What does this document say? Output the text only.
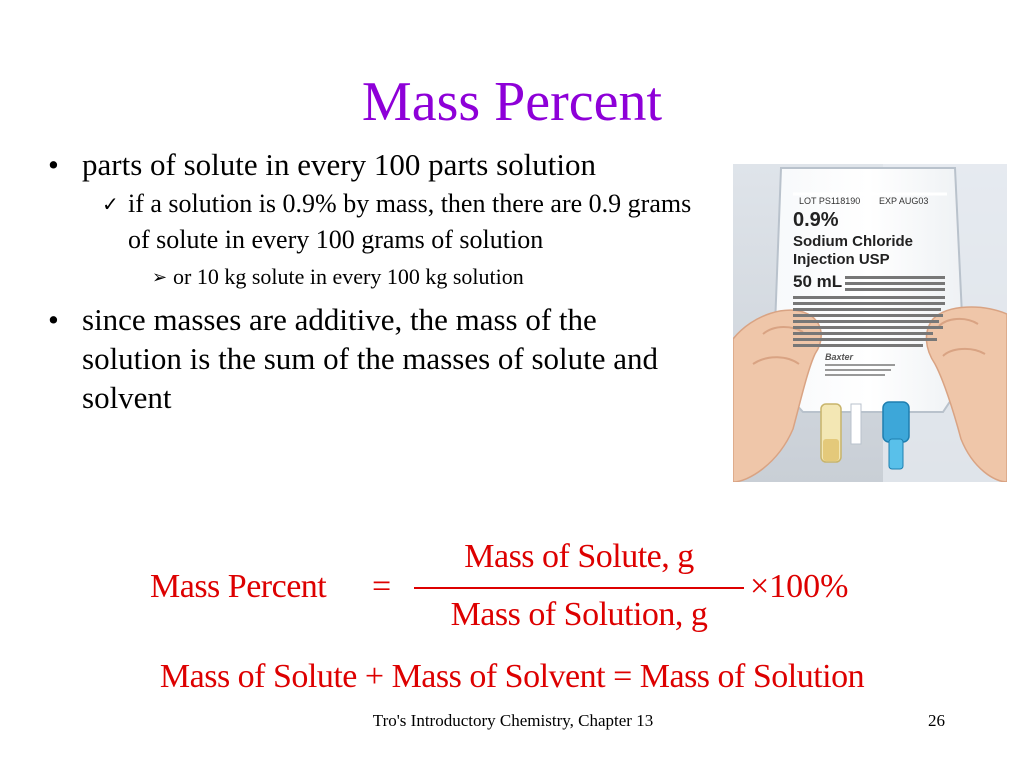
Mass Percent
• parts of solute in every 100 parts solution
✓ if a solution is 0.9% by mass, then there are 0.9 grams of solute in every 100 grams of solution
➢ or 10 kg solute in every 100 kg solution
• since masses are additive, the mass of the solution is the sum of the masses of solute and solvent
LOT PS118190 EXP AUG03
0.9%
Sodium Chloride
Injection USP
50 mL
Baxter
Mass Percent =
Mass of Solute, g
Mass of Solution, g
×100%
Mass of Solute + Mass of Solvent = Mass of Solution
Tro's Introductory Chemistry, Chapter 13	26
